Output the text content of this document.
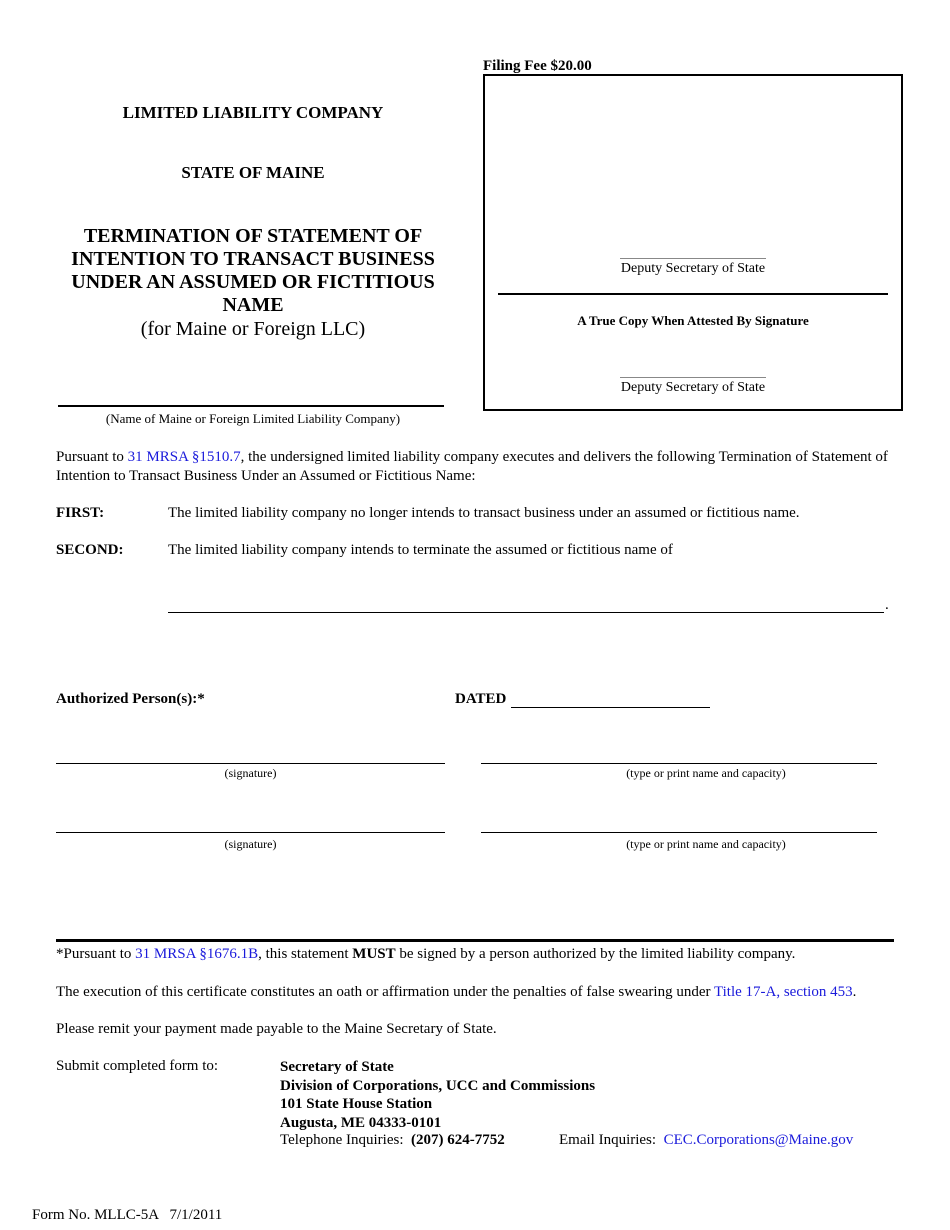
LIMITED LIABILITY COMPANY
STATE OF MAINE
TERMINATION OF STATEMENT OF
INTENTION TO TRANSACT BUSINESS
UNDER AN ASSUMED OR FICTITIOUS
NAME
(for Maine or Foreign LLC)
Filing Fee $20.00
Deputy Secretary of State
A True Copy When Attested By Signature
Deputy Secretary of State
(Name of Maine or Foreign Limited Liability Company)
Pursuant to 31 MRSA §1510.7, the undersigned limited liability company executes and delivers the following Termination of Statement of Intention to Transact Business Under an Assumed or Fictitious Name:
FIRST:	The limited liability company no longer intends to transact business under an assumed or fictitious name.
SECOND:	The limited liability company intends to terminate the assumed or fictitious name of
.
Authorized Person(s):*	DATED
(signature)	(type or print name and capacity)
(signature)	(type or print name and capacity)
*Pursuant to 31 MRSA §1676.1B, this statement MUST be signed by a person authorized by the limited liability company.
The execution of this certificate constitutes an oath or affirmation under the penalties of false swearing under Title 17-A, section 453.
Please remit your payment made payable to the Maine Secretary of State.
Submit completed form to:	Secretary of State
Division of Corporations, UCC and Commissions
101 State House Station
Augusta, ME 04333-0101
Telephone Inquiries: (207) 624-7752	Email Inquiries: CEC.Corporations@Maine.gov
Form No. MLLC-5A   7/1/2011
